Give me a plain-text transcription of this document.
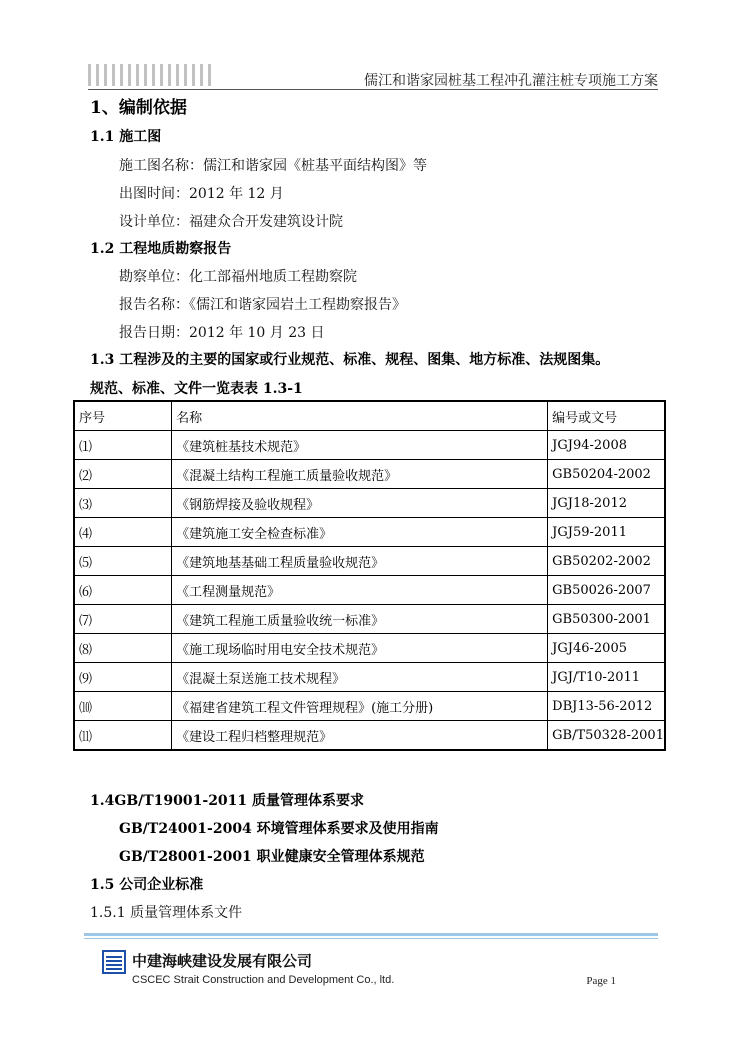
儒江和谐家园桩基工程冲孔灌注桩专项施工方案
1、编制依据
1.1 施工图
施工图名称：儒江和谐家园《桩基平面结构图》等
出图时间：2012 年 12 月
设计单位：福建众合开发建筑设计院
1.2 工程地质勘察报告
勘察单位：化工部福州地质工程勘察院
报告名称：《儒江和谐家园岩土工程勘察报告》
报告日期：2012 年 10 月 23 日
1.3 工程涉及的主要的国家或行业规范、标准、规程、图集、地方标准、法规图集。
规范、标准、文件一览表表 1.3-1
序号	名称	编号或文号
⑴	《建筑桩基技术规范》	JGJ94-2008
⑵	《混凝土结构工程施工质量验收规范》	GB50204-2002
⑶	《钢筋焊接及验收规程》	JGJ18-2012
⑷	《建筑施工安全检查标准》	JGJ59-2011
⑸	《建筑地基基础工程质量验收规范》	GB50202-2002
⑹	《工程测量规范》	GB50026-2007
⑺	《建筑工程施工质量验收统一标准》	GB50300-2001
⑻	《施工现场临时用电安全技术规范》	JGJ46-2005
⑼	《混凝土泵送施工技术规程》	JGJ/T10-2011
⑽	《福建省建筑工程文件管理规程》(施工分册)	DBJ13-56-2012
⑾	《建设工程归档整理规范》	GB/T50328-2001
1.4GB/T19001-2011 质量管理体系要求
GB/T24001-2004 环境管理体系要求及使用指南
GB/T28001-2001 职业健康安全管理体系规范
1.5 公司企业标准
1.5.1 质量管理体系文件
中建海峡建设发展有限公司
CSCEC Strait Construction and Development Co., ltd.	Page 1
